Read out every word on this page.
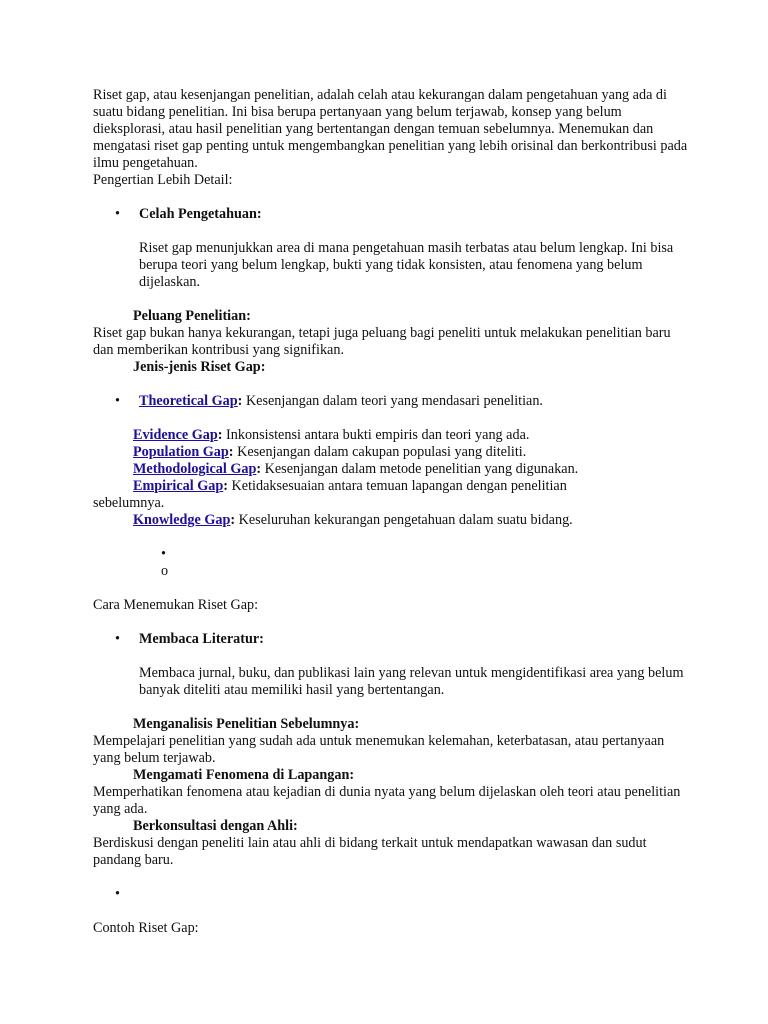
Riset gap, atau kesenjangan penelitian, adalah celah atau kekurangan dalam pengetahuan yang ada di suatu bidang penelitian. Ini bisa berupa pertanyaan yang belum terjawab, konsep yang belum dieksplorasi, atau hasil penelitian yang bertentangan dengan temuan sebelumnya. Menemukan dan mengatasi riset gap penting untuk mengembangkan penelitian yang lebih orisinal dan berkontribusi pada ilmu pengetahuan.

Pengertian Lebih Detail:

• Celah Pengetahuan:

Riset gap menunjukkan area di mana pengetahuan masih terbatas atau belum lengkap. Ini bisa berupa teori yang belum lengkap, bukti yang tidak konsisten, atau fenomena yang belum dijelaskan.

Peluang Penelitian:

Riset gap bukan hanya kekurangan, tetapi juga peluang bagi peneliti untuk melakukan penelitian baru dan memberikan kontribusi yang signifikan.

Jenis-jenis Riset Gap:

• Theoretical Gap: Kesenjangan dalam teori yang mendasari penelitian.

Evidence Gap: Inkonsistensi antara bukti empiris dan teori yang ada.

Population Gap: Kesenjangan dalam cakupan populasi yang diteliti.

Methodological Gap: Kesenjangan dalam metode penelitian yang digunakan.

Empirical Gap: Ketidaksesuaian antara temuan lapangan dengan penelitian

sebelumnya.

Knowledge Gap: Keseluruhan kekurangan pengetahuan dalam suatu bidang.

•

o

Cara Menemukan Riset Gap:

• Membaca Literatur:

Membaca jurnal, buku, dan publikasi lain yang relevan untuk mengidentifikasi area yang belum banyak diteliti atau memiliki hasil yang bertentangan.

Menganalisis Penelitian Sebelumnya:

Mempelajari penelitian yang sudah ada untuk menemukan kelemahan, keterbatasan, atau pertanyaan yang belum terjawab.

Mengamati Fenomena di Lapangan:

Memperhatikan fenomena atau kejadian di dunia nyata yang belum dijelaskan oleh teori atau penelitian yang ada.

Berkonsultasi dengan Ahli:

Berdiskusi dengan peneliti lain atau ahli di bidang terkait untuk mendapatkan wawasan dan sudut pandang baru.

•

Contoh Riset Gap:
